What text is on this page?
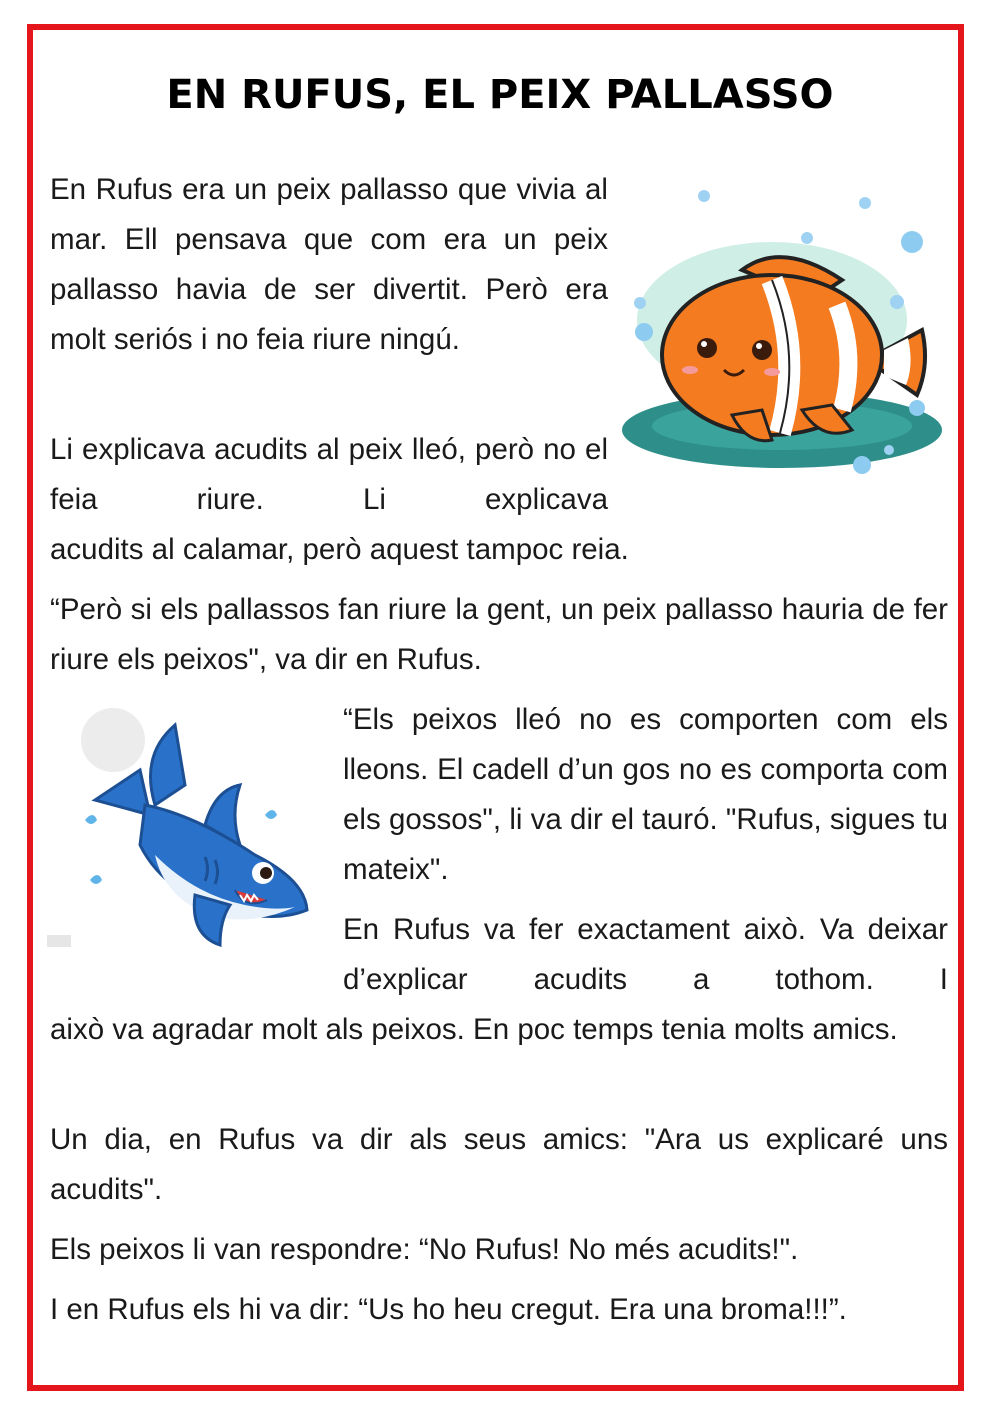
EN RUFUS, EL PEIX PALLASSO

En Rufus era un peix pallasso que vivia al mar. Ell pensava que com era un peix pallasso havia de ser divertit. Però era molt seriós i no feia riure ningú.

Li explicava acudits al peix lleó, però no el feia riure. Li explicava

acudits al calamar, però aquest tampoc reia.

“Però si els pallassos fan riure la gent, un peix pallasso hauria de fer riure els peixos", va dir en Rufus.

“Els peixos lleó no es comporten com els lleons. El cadell d’un gos no es comporta com els gossos", li va dir el tauró. "Rufus, sigues tu mateix".

En Rufus va fer exactament això. Va deixar d’explicar acudits a tothom. I

això va agradar molt als peixos. En poc temps tenia molts amics.

Un dia, en Rufus va dir als seus amics: "Ara us explicaré uns acudits".

Els peixos li van respondre: “No Rufus! No més acudits!".

I en Rufus els hi va dir: “Us ho heu cregut. Era una broma!!!”.
